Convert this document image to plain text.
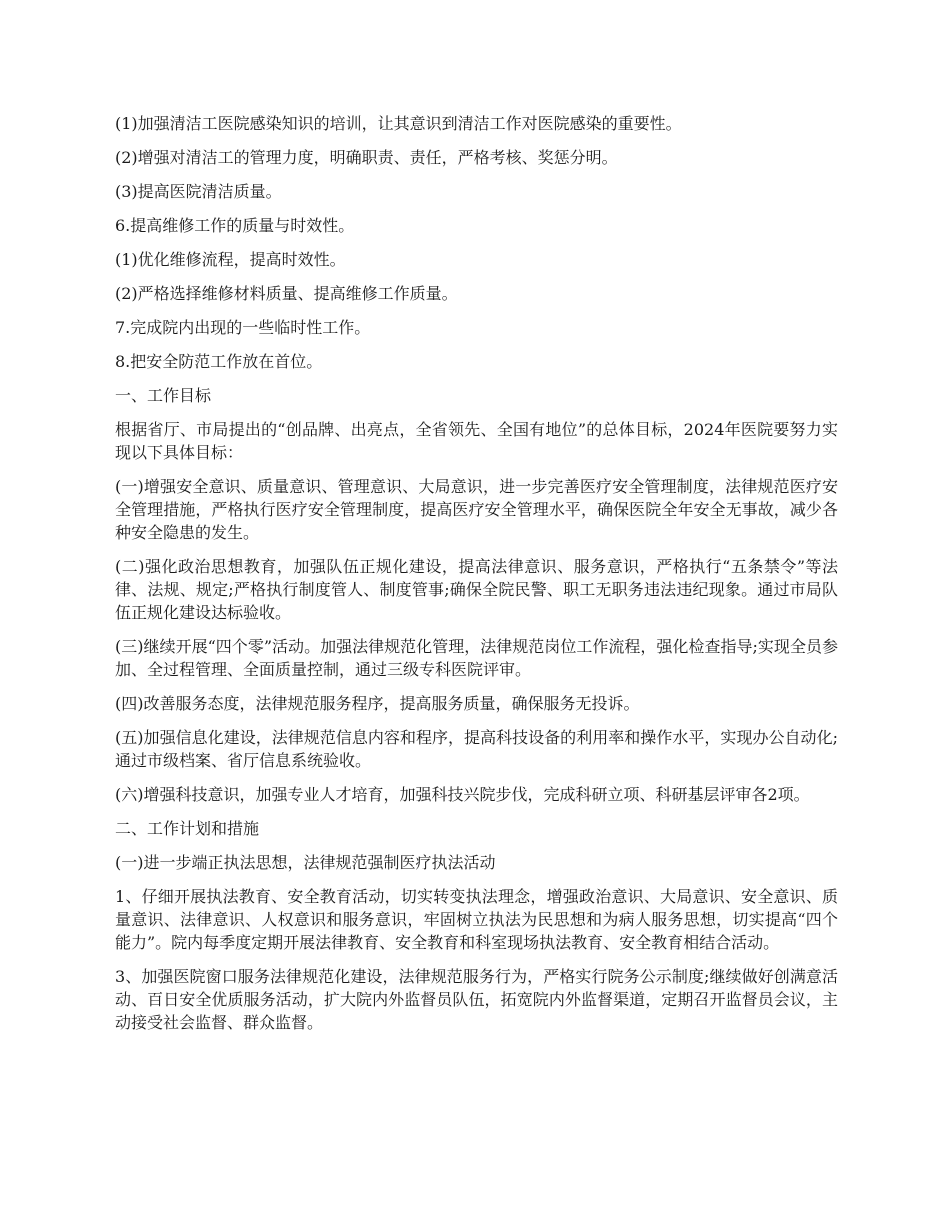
(1)加强清洁工医院感染知识的培训，让其意识到清洁工作对医院感染的重要性。

(2)增强对清洁工的管理力度，明确职责、责任，严格考核、奖惩分明。

(3)提高医院清洁质量。

6.提高维修工作的质量与时效性。

(1)优化维修流程，提高时效性。

(2)严格选择维修材料质量、提高维修工作质量。

7.完成院内出现的一些临时性工作。

8.把安全防范工作放在首位。

一、工作目标

根据省厅、市局提出的“创品牌、出亮点，全省领先、全国有地位”的总体目标，2024年医院要努力实现以下具体目标：

(一)增强安全意识、质量意识、管理意识、大局意识，进一步完善医疗安全管理制度，法律规范医疗安全管理措施，严格执行医疗安全管理制度，提高医疗安全管理水平，确保医院全年安全无事故，减少各种安全隐患的发生。

(二)强化政治思想教育，加强队伍正规化建设，提高法律意识、服务意识，严格执行“五条禁令”等法律、法规、规定;严格执行制度管人、制度管事;确保全院民警、职工无职务违法违纪现象。通过市局队伍正规化建设达标验收。

(三)继续开展“四个零”活动。加强法律规范化管理，法律规范岗位工作流程，强化检查指导;实现全员参加、全过程管理、全面质量控制，通过三级专科医院评审。

(四)改善服务态度，法律规范服务程序，提高服务质量，确保服务无投诉。

(五)加强信息化建设，法律规范信息内容和程序，提高科技设备的利用率和操作水平，实现办公自动化;通过市级档案、省厅信息系统验收。

(六)增强科技意识，加强专业人才培育，加强科技兴院步伐，完成科研立项、科研基层评审各2项。

二、工作计划和措施

(一)进一步端正执法思想，法律规范强制医疗执法活动

1、仔细开展执法教育、安全教育活动，切实转变执法理念，增强政治意识、大局意识、安全意识、质量意识、法律意识、人权意识和服务意识，牢固树立执法为民思想和为病人服务思想，切实提高“四个能力”。院内每季度定期开展法律教育、安全教育和科室现场执法教育、安全教育相结合活动。

3、加强医院窗口服务法律规范化建设，法律规范服务行为，严格实行院务公示制度;继续做好创满意活动、百日安全优质服务活动，扩大院内外监督员队伍，拓宽院内外监督渠道，定期召开监督员会议，主动接受社会监督、群众监督。
